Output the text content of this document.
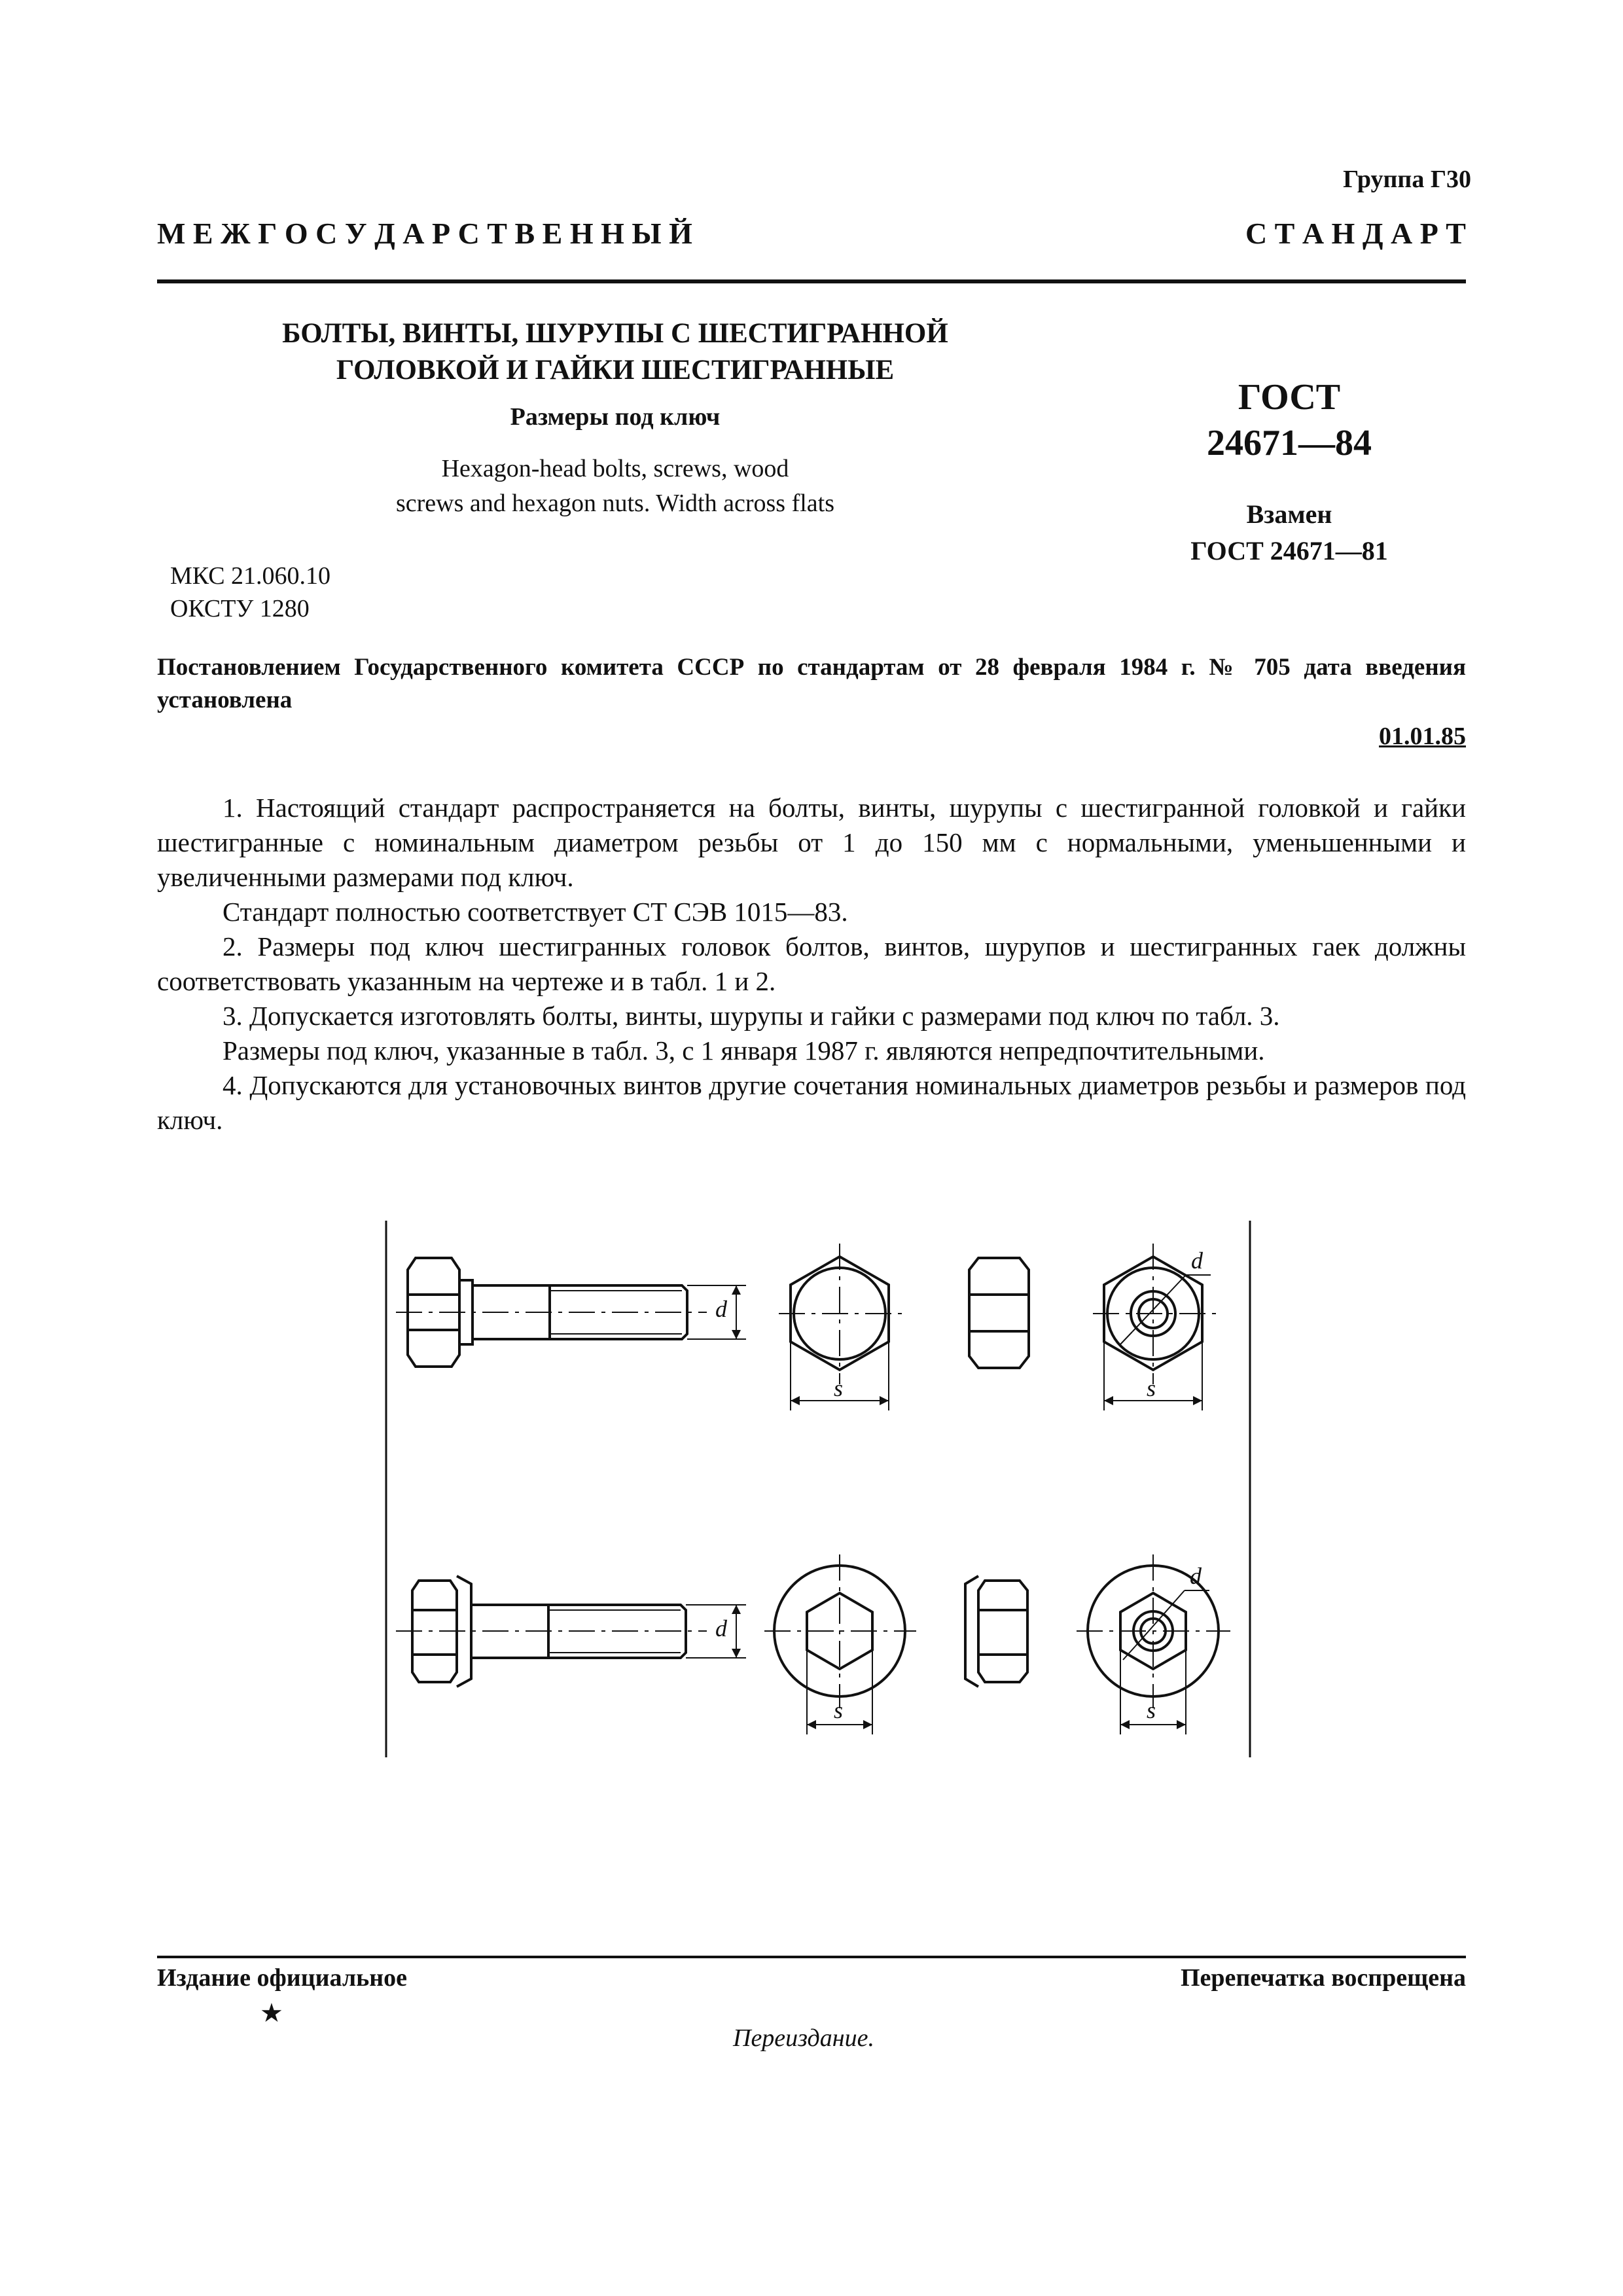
Группа Г30
М Е Ж Г О С У Д А Р С Т В Е Н Н Ы Й	С Т А Н Д А Р Т
БОЛТЫ, ВИНТЫ, ШУРУПЫ С ШЕСТИГРАННОЙ
ГОЛОВКОЙ И ГАЙКИ ШЕСТИГРАННЫЕ
Размеры под ключ
Hexagon-head bolts, screws, wood
screws and hexagon nuts. Width across flats
ГОСТ
24671—84
Взамен
ГОСТ 24671—81
МКС 21.060.10
ОКСТУ 1280
Постановлением Государственного комитета СССР по стандартам от 28 февраля 1984 г. № 705 дата введения установлена
01.01.85

1. Настоящий стандарт распространяется на болты, винты, шурупы с шестигранной головкой и гайки шестигранные с номинальным диаметром резьбы от 1 до 150 мм с нормальными, уменьшенными и увеличенными размерами под ключ.

Стандарт полностью соответствует СТ СЭВ 1015—83.

2. Размеры под ключ шестигранных головок болтов, винтов, шурупов и шестигранных гаек должны соответствовать указанным на чертеже и в табл. 1 и 2.

3. Допускается изготовлять болты, винты, шурупы и гайки с размерами под ключ по табл. 3.

Размеры под ключ, указанные в табл. 3, с 1 января 1987 г. являются непредпочтительными.

4. Допускаются для установочных винтов другие сочетания номинальных диаметров резьбы и размеров под ключ.

d
s
d
s
d
s
d
s
Издание официальное
★
Перепечатка воспрещена
Переиздание.
